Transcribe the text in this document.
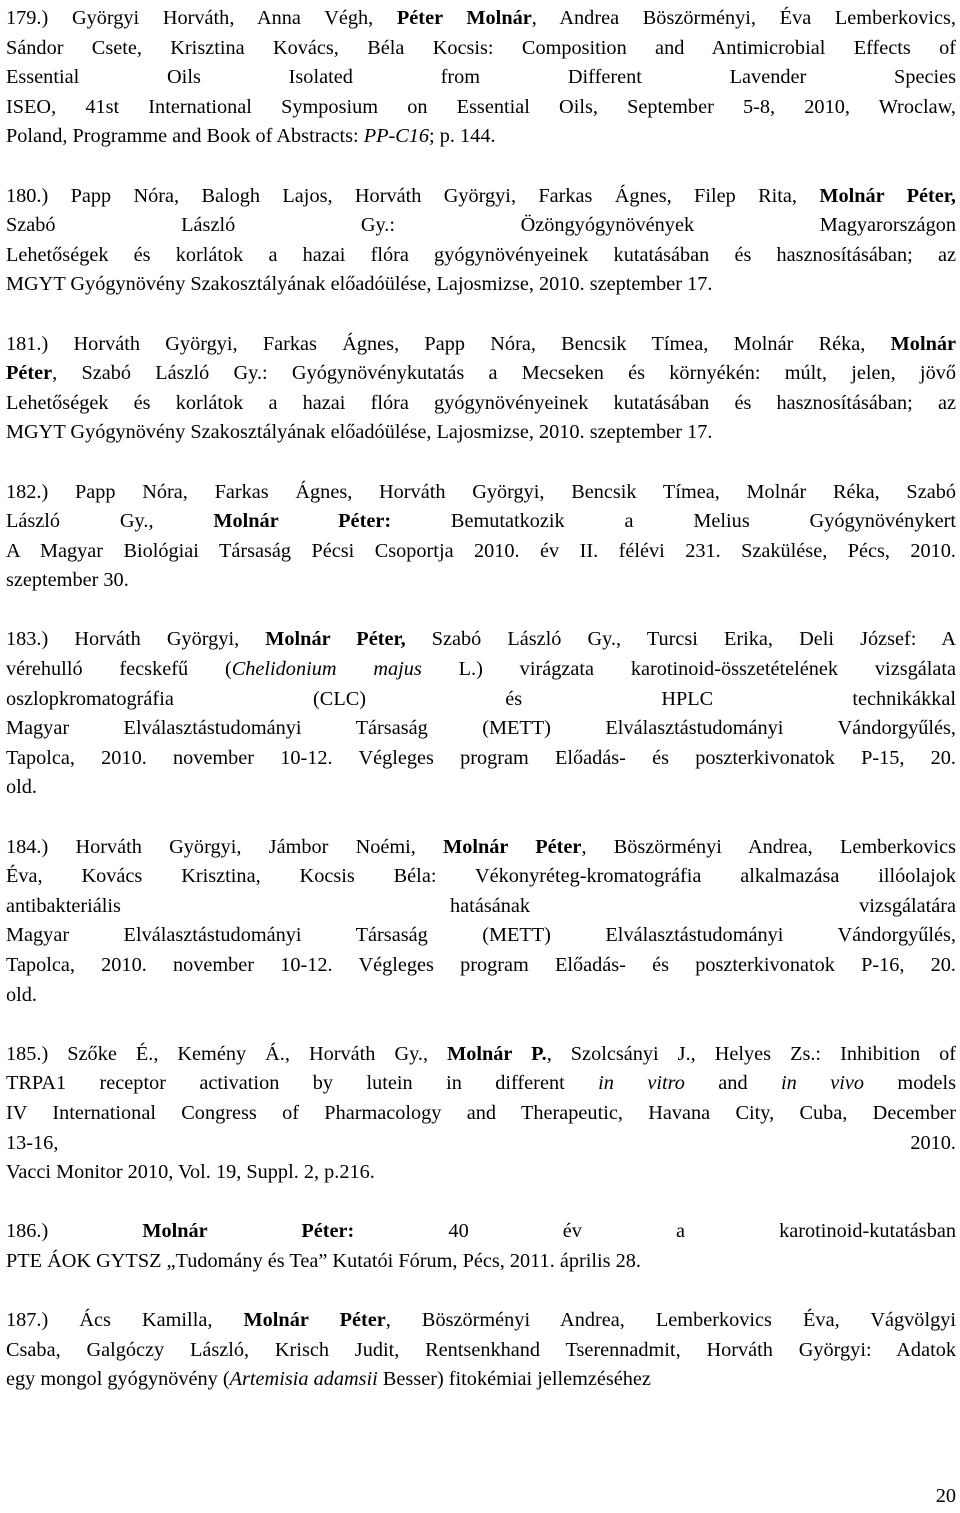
179.) Györgyi Horváth, Anna Végh, Péter Molnár, Andrea Böszörményi, Éva Lemberkovics,
Sándor Csete, Krisztina Kovács, Béla Kocsis: Composition and Antimicrobial Effects of
Essential Oils Isolated from Different Lavender Species
ISEO, 41st International Symposium on Essential Oils, September 5-8, 2010, Wroclaw,
Poland, Programme and Book of Abstracts: PP-C16; p. 144.
180.) Papp Nóra, Balogh Lajos, Horváth Györgyi, Farkas Ágnes, Filep Rita, Molnár Péter,
Szabó László Gy.: Özöngyógynövények Magyarországon
Lehetőségek és korlátok a hazai flóra gyógynövényeinek kutatásában és hasznosításában; az
MGYT Gyógynövény Szakosztályának előadóülése, Lajosmizse, 2010. szeptember 17.
181.) Horváth Györgyi, Farkas Ágnes, Papp Nóra, Bencsik Tímea, Molnár Réka, Molnár
Péter, Szabó László Gy.: Gyógynövénykutatás a Mecseken és környékén: múlt, jelen, jövő
Lehetőségek és korlátok a hazai flóra gyógynövényeinek kutatásában és hasznosításában; az
MGYT Gyógynövény Szakosztályának előadóülése, Lajosmizse, 2010. szeptember 17.
182.) Papp Nóra, Farkas Ágnes, Horváth Györgyi, Bencsik Tímea, Molnár Réka, Szabó
László Gy., Molnár Péter: Bemutatkozik a Melius Gyógynövénykert
A Magyar Biológiai Társaság Pécsi Csoportja 2010. év II. félévi 231. Szakülése, Pécs, 2010.
szeptember 30.
183.) Horváth Györgyi, Molnár Péter, Szabó László Gy., Turcsi Erika, Deli József: A
vérehulló fecskefű (Chelidonium majus L.) virágzata karotinoid-összetételének vizsgálata
oszlopkromatográfia (CLC) és HPLC technikákkal
Magyar Elválasztástudományi Társaság (METT) Elválasztástudományi Vándorgyűlés,
Tapolca, 2010. november 10-12. Végleges program Előadás- és poszterkivonatok P-15, 20.
old.
184.) Horváth Györgyi, Jámbor Noémi, Molnár Péter, Böszörményi Andrea, Lemberkovics
Éva, Kovács Krisztina, Kocsis Béla: Vékonyréteg-kromatográfia alkalmazása illóolajok
antibakteriális hatásának vizsgálatára
Magyar Elválasztástudományi Társaság (METT) Elválasztástudományi Vándorgyűlés,
Tapolca, 2010. november 10-12. Végleges program Előadás- és poszterkivonatok P-16, 20.
old.
185.) Szőke É., Kemény Á., Horváth Gy., Molnár P., Szolcsányi J., Helyes Zs.: Inhibition of
TRPA1 receptor activation by lutein in different in vitro and in vivo models
IV International Congress of Pharmacology and Therapeutic, Havana City, Cuba, December
13-16, 2010.
Vacci Monitor 2010, Vol. 19, Suppl. 2, p.216.
186.) Molnár Péter: 40 év a karotinoid-kutatásban
PTE ÁOK GYTSZ „Tudomány és Tea” Kutatói Fórum, Pécs, 2011. április 28.
187.) Ács Kamilla, Molnár Péter, Böszörményi Andrea, Lemberkovics Éva, Vágvölgyi
Csaba, Galgóczy László, Krisch Judit, Rentsenkhand Tserennadmit, Horváth Györgyi: Adatok
egy mongol gyógynövény (Artemisia adamsii Besser) fitokémiai jellemzéséhez
20
